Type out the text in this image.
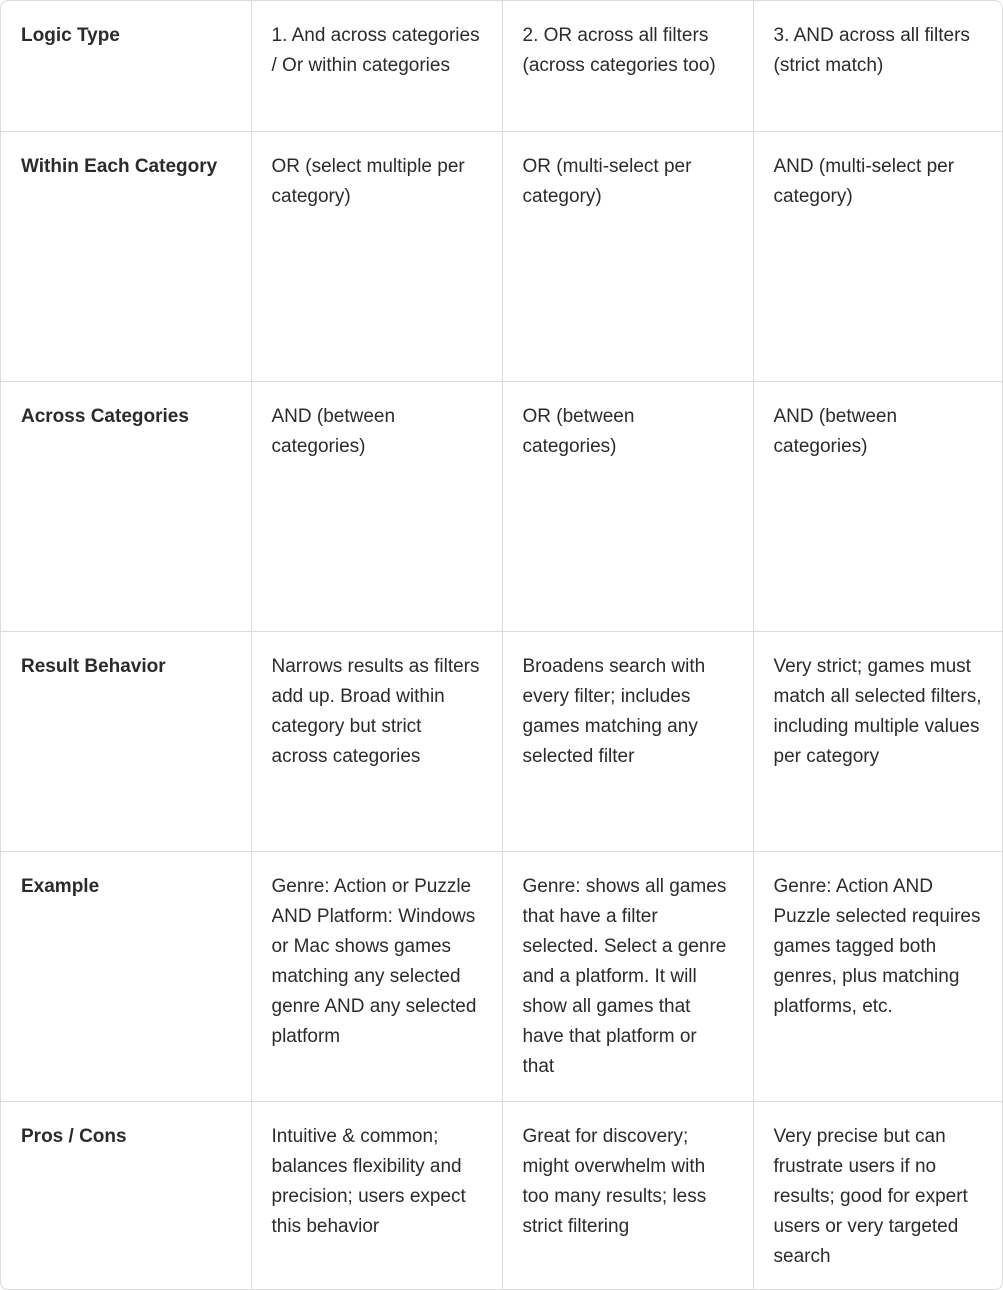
Logic Type	1. And across categories / Or within categories	2. OR across all filters (across categories too)	3. AND across all filters (strict match)
Within Each Category	OR (select multiple per category)	OR (multi-select per category)	AND (multi-select per category)
Across Categories	AND (between categories)	OR (between categories)	AND (between categories)
Result Behavior	Narrows results as filters add up. Broad within category but strict across categories	Broadens search with every filter; includes games matching any selected filter	Very strict; games must match all selected filters, including multiple values per category
Example	Genre: Action or Puzzle AND Platform: Windows or Mac shows games matching any selected genre AND any selected platform	Genre: shows all games that have a filter selected. Select a genre and a platform. It will show all games that have that platform or that	Genre: Action AND Puzzle selected requires games tagged both genres, plus matching platforms, etc.

Pros / Cons	Intuitive & common; balances flexibility and precision; users expect this behavior	Great for discovery; might overwhelm with too many results; less strict filtering	Very precise but can frustrate users if no results; good for expert users or very targeted search
